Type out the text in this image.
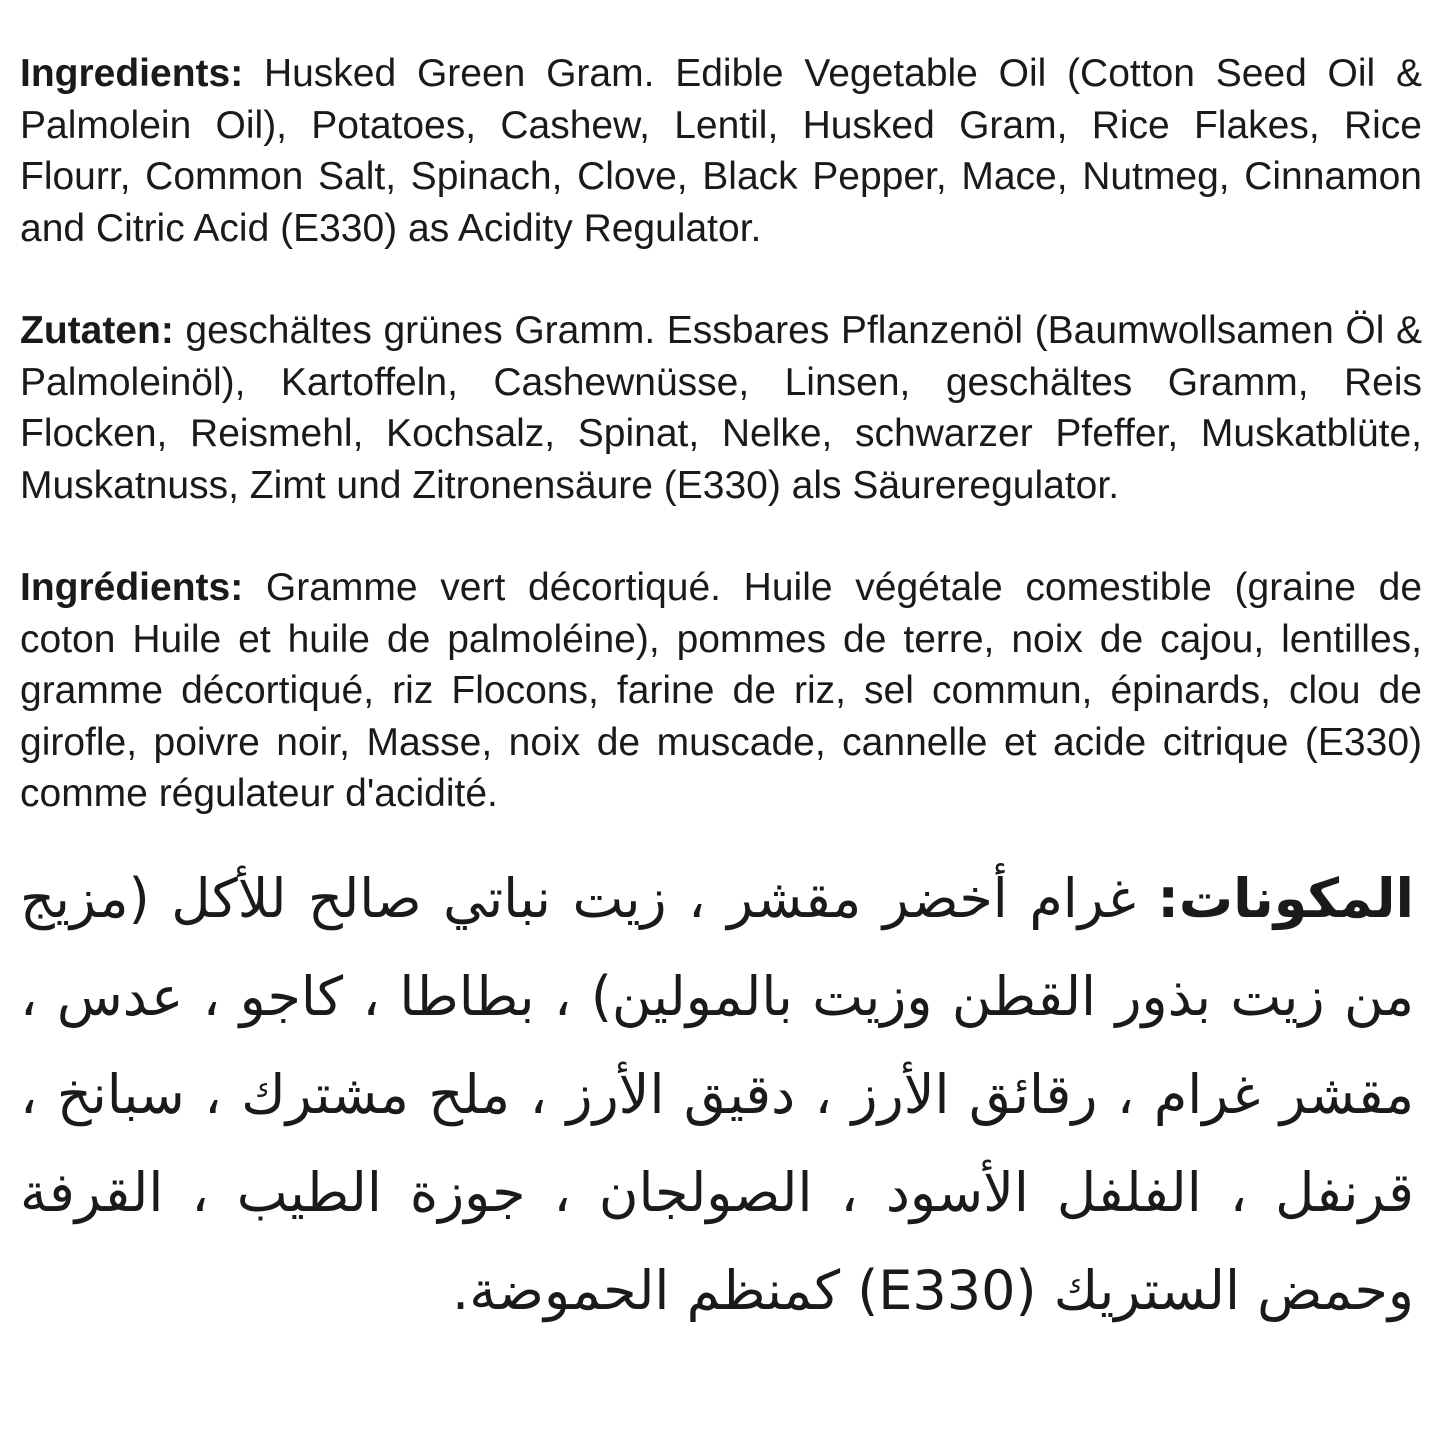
Ingredients: Husked Green Gram. Edible Vegetable Oil (Cotton Seed Oil & Palmolein Oil), Potatoes, Cashew, Lentil, Husked Gram, Rice Flakes, Rice Flourr, Common Salt, Spinach, Clove, Black Pepper, Mace, Nutmeg, Cinnamon and Citric Acid (E330) as Acidity Regulator.

Zutaten: geschältes grünes Gramm. Essbares Pflanzenöl (Baumwollsamen Öl & Palmoleinöl), Kartoffeln, Cashewnüsse, Linsen, geschältes Gramm, Reis Flocken, Reismehl, Kochsalz, Spinat, Nelke, schwarzer Pfeffer, Muskatblüte, Muskatnuss, Zimt und Zitronensäure (E330) als Säureregulator.

Ingrédients: Gramme vert décortiqué. Huile végétale comestible (graine de coton Huile et huile de palmoléine), pommes de terre, noix de cajou, lentilles, gramme décortiqué, riz Flocons, farine de riz, sel commun, épinards, clou de girofle, poivre noir, Masse, noix de muscade, cannelle et acide citrique (E330) comme régulateur d'acidité.

المكونات: غرام أخضر مقشر ، زيت نباتي صالح للأكل (مزيج من زيت بذور القطن وزيت بالمولين) ، بطاطا ، كاجو ، عدس ، مقشر غرام ، رقائق الأرز ، دقيق الأرز ، ملح مشترك ، سبانخ ، قرنفل ، الفلفل الأسود ، الصولجان ، جوزة الطيب ، القرفة وحمض الستريك (E330) كمنظم الحموضة.
